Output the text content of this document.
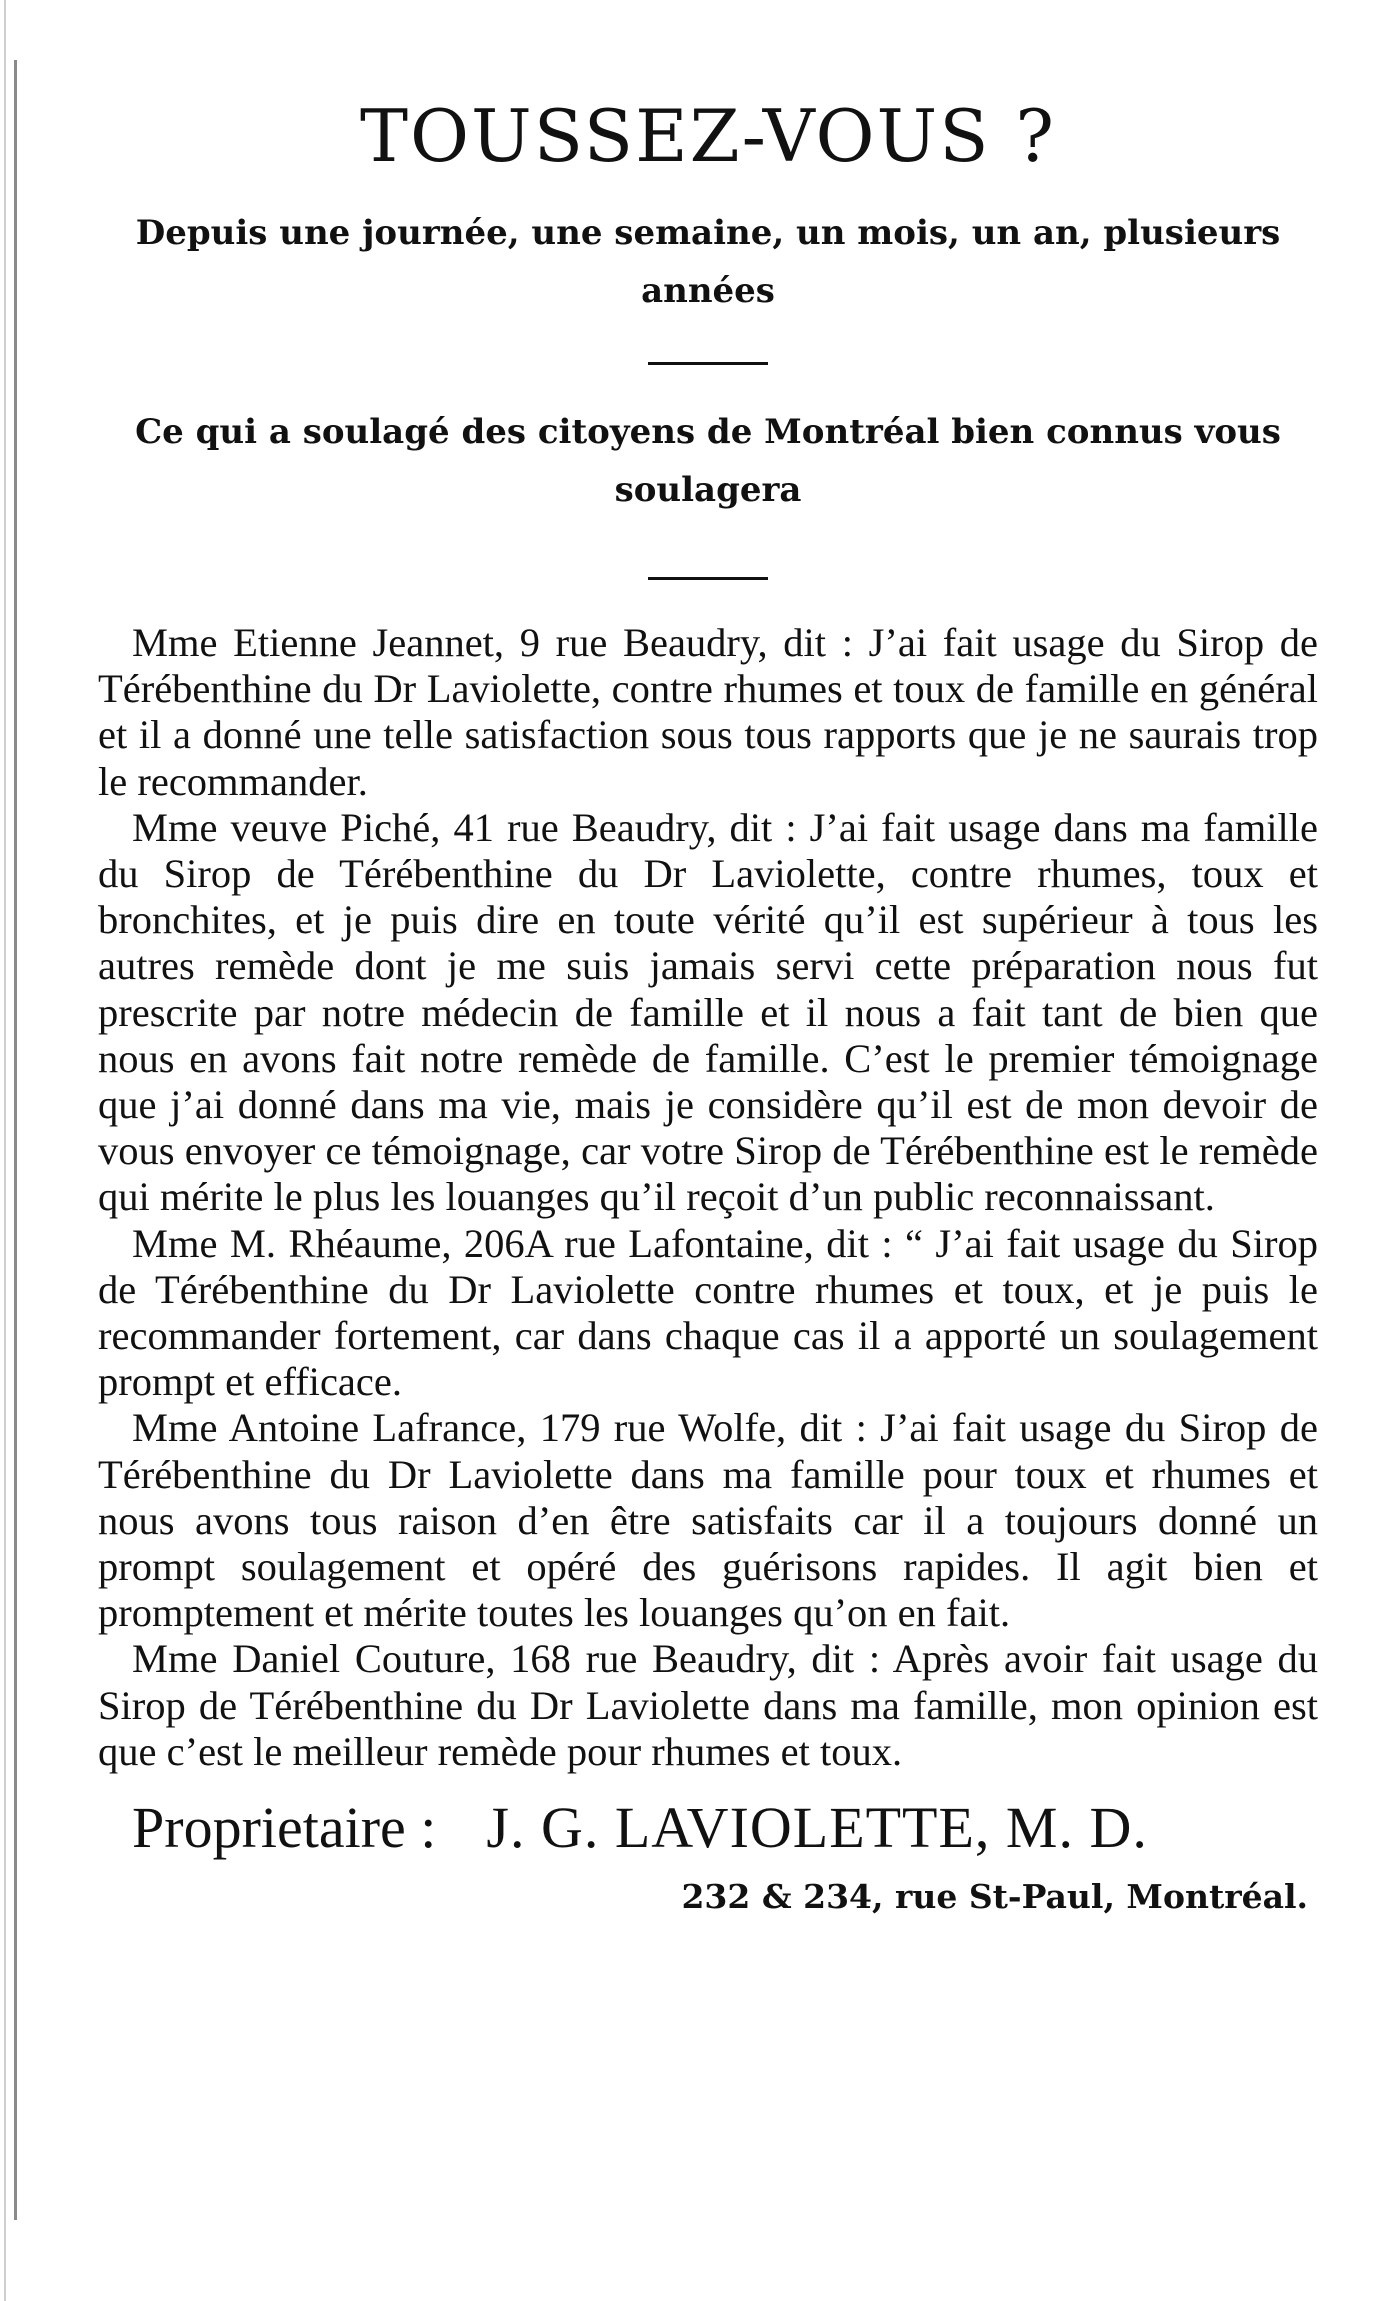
TOUSSEZ-VOUS ?
Depuis une journée, une semaine, un mois, un an, plusieurs années
Ce qui a soulagé des citoyens de Montréal bien connus vous soulagera

Mme Etienne Jeannet, 9 rue Beaudry, dit : J’ai fait usage du Sirop de Térébenthine du Dr Laviolette, contre rhumes et toux de famille en général et il a donné une telle satisfaction sous tous rapports que je ne saurais trop le recommander.

Mme veuve Piché, 41 rue Beaudry, dit : J’ai fait usage dans ma famille du Sirop de Térébenthine du Dr Laviolette, contre rhumes, toux et bronchites, et je puis dire en toute vérité qu’il est supérieur à tous les autres remède dont je me suis jamais servi cette préparation nous fut prescrite par notre médecin de famille et il nous a fait tant de bien que nous en avons fait notre remède de famille. C’est le premier témoignage que j’ai donné dans ma vie, mais je considère qu’il est de mon devoir de vous envoyer ce témoignage, car votre Sirop de Térébenthine est le remède qui mérite le plus les louanges qu’il reçoit d’un public reconnaissant.

Mme M. Rhéaume, 206A rue Lafontaine, dit : “ J’ai fait usage du Sirop de Térébenthine du Dr Laviolette contre rhumes et toux, et je puis le recommander fortement, car dans chaque cas il a apporté un soulagement prompt et efficace.

Mme Antoine Lafrance, 179 rue Wolfe, dit : J’ai fait usage du Sirop de Térébenthine du Dr Laviolette dans ma famille pour toux et rhumes et nous avons tous raison d’en être satisfaits car il a toujours donné un prompt soulagement et opéré des guérisons rapides. Il agit bien et promptement et mérite toutes les louanges qu’on en fait.

Mme Daniel Couture, 168 rue Beaudry, dit : Après avoir fait usage du Sirop de Térébenthine du Dr Laviolette dans ma famille, mon opinion est que c’est le meilleur remède pour rhumes et toux.

Proprietaire : J. G. LAVIOLETTE, M. D.
232 & 234, rue St-Paul, Montréal.
